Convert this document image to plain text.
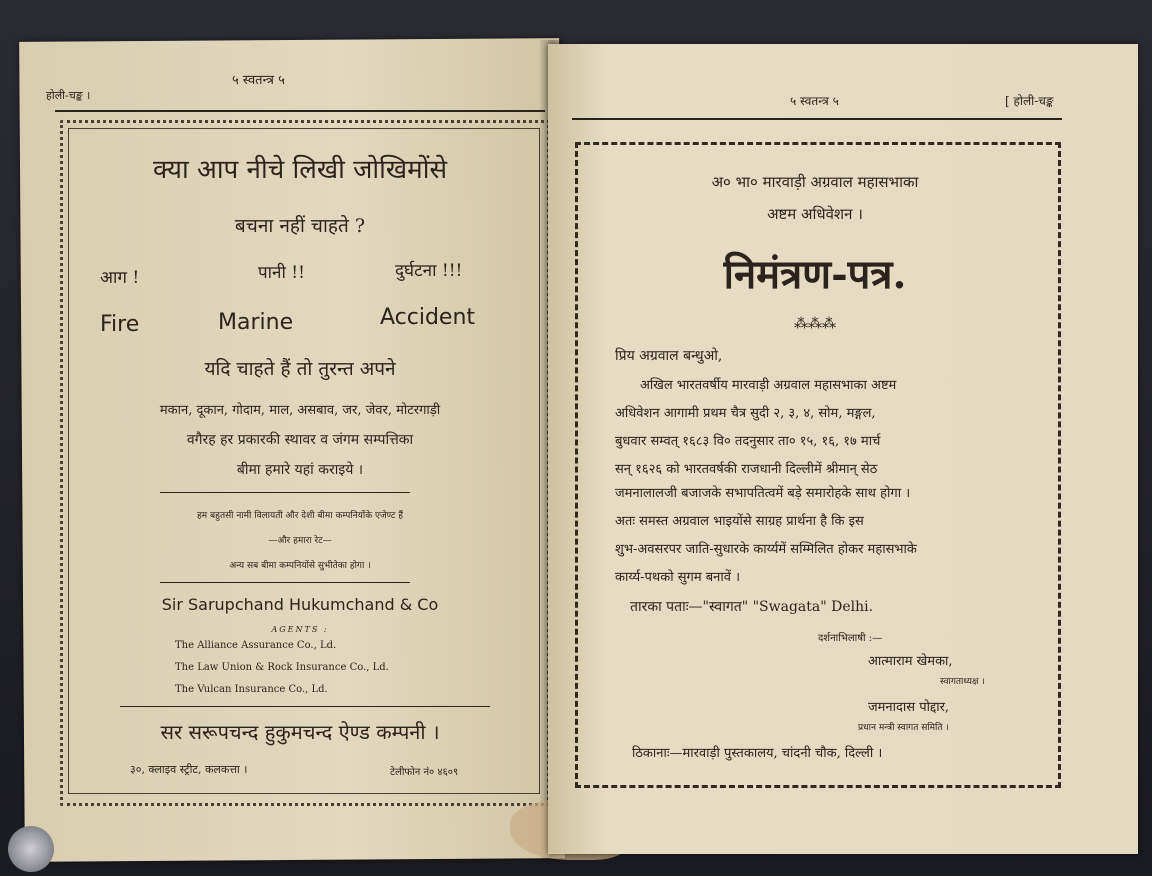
होली-चङ्क ।
५ स्वतन्त्र ५
क्या आप नीचे लिखी जोखिमोंसे
बचना नहीं चाहते ?
आग !	पानी !!	दुर्घटना !!!
Fire	Marine	Accident
यदि चाहते हैं तो तुरन्त अपने
मकान, दूकान, गोदाम, माल, असबाव, जर, जेवर, मोटरगाड़ी
वगैरह हर प्रकारकी स्थावर व जंगम सम्पत्तिका
बीमा हमारे यहां कराइये ।
हम बहुतसी नामी विलायती और देशी बीमा कम्पनियोंके एजेण्ट हैं
—और हमारा रेट—
अन्य सब बीमा कम्पनियोंसे सुभीतेका होगा ।
Sir Sarupchand Hukumchand & Co
AGENTS :
The Alliance Assurance Co., Ld.
The Law Union & Rock Insurance Co., Ld.
The Vulcan Insurance Co., Ld.
सर सरूपचन्द हुकुमचन्द ऐण्ड कम्पनी ।
३०, क्लाइव स्ट्रीट, कलकत्ता ।	टेलीफोन नं० ४६०९
५ स्वतन्त्र ५	[ होली-चङ्क
अ० भा० मारवाड़ी अग्रवाल महासभाका
अष्टम अधिवेशन ।
निमंत्रण-पत्र.
⁂⁂⁂
प्रिय अग्रवाल बन्धुओ,
अखिल भारतवर्षीय मारवाड़ी अग्रवाल महासभाका अष्टम
अधिवेशन आगामी प्रथम चैत्र सुदी २, ३, ४, सोम, मङ्गल,
बुधवार सम्वत् १६८३ वि० तदनुसार ता० १५, १६, १७ मार्च
सन् १६२६ को भारतवर्षकी राजधानी दिल्लीमें श्रीमान् सेठ
जमनालालजी बजाजके सभापतित्वमें बड़े समारोहके साथ होगा ।
अतः समस्त अग्रवाल भाइयोंसे साग्रह प्रार्थना है कि इस
शुभ-अवसरपर जाति-सुधारके कार्य्यमें सम्मिलित होकर महासभाके
कार्य्य-पथको सुगम बनावें ।
तारका पताः—"स्वागत" "Swagata" Delhi.
दर्शनाभिलाषी :—
आत्माराम खेमका,
स्वागताध्यक्ष ।
जमनादास पोद्दार,
प्रधान मन्त्री स्वागत समिति ।
ठिकानाः—मारवाड़ी पुस्तकालय, चांदनी चौक, दिल्ली ।
